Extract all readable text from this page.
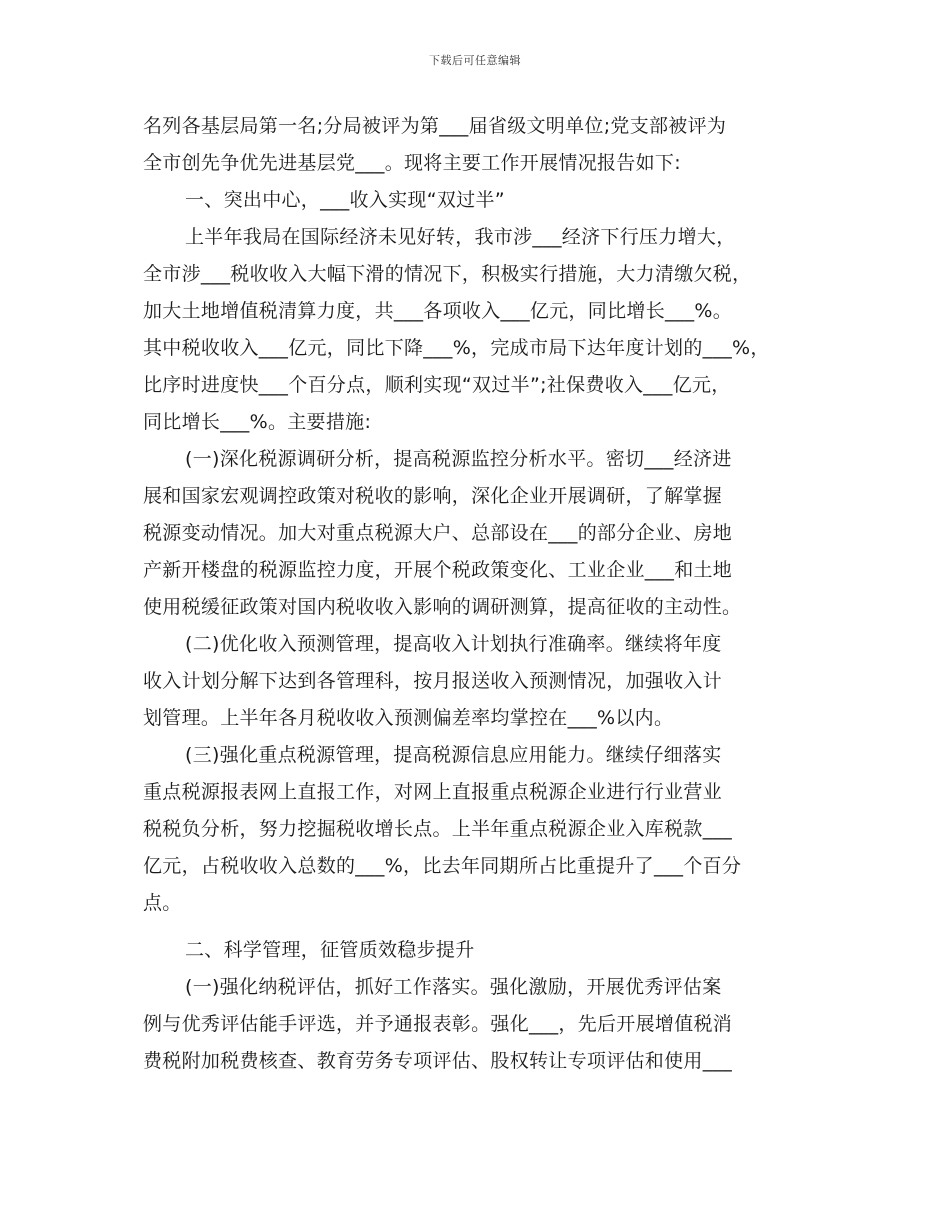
下载后可任意编辑
名列各基层局第一名;分局被评为第___届省级文明单位;党支部被评为
全市创先争优先进基层党___。现将主要工作开展情况报告如下:
一、突出中心，___收入实现“双过半”
上半年我局在国际经济未见好转，我市涉___经济下行压力增大，
全市涉___税收收入大幅下滑的情况下，积极实行措施，大力清缴欠税，
加大土地增值税清算力度，共___各项收入___亿元，同比增长___%。
其中税收收入___亿元，同比下降___%，完成市局下达年度计划的___%，
比序时进度快___个百分点，顺利实现“双过半”;社保费收入___亿元，
同比增长___%。主要措施:
(一)深化税源调研分析，提高税源监控分析水平。密切___经济进
展和国家宏观调控政策对税收的影响，深化企业开展调研，了解掌握
税源变动情况。加大对重点税源大户、总部设在___的部分企业、房地
产新开楼盘的税源监控力度，开展个税政策变化、工业企业___和土地
使用税缓征政策对国内税收收入影响的调研测算，提高征收的主动性。
(二)优化收入预测管理，提高收入计划执行准确率。继续将年度
收入计划分解下达到各管理科，按月报送收入预测情况，加强收入计
划管理。上半年各月税收收入预测偏差率均掌控在___%以内。
(三)强化重点税源管理，提高税源信息应用能力。继续仔细落实
重点税源报表网上直报工作，对网上直报重点税源企业进行行业营业
税税负分析，努力挖掘税收增长点。上半年重点税源企业入库税款___
亿元，占税收收入总数的___%，比去年同期所占比重提升了___个百分
点。
二、科学管理，征管质效稳步提升
(一)强化纳税评估，抓好工作落实。强化激励，开展优秀评估案
例与优秀评估能手评选，并予通报表彰。强化___，先后开展增值税消
费税附加税费核查、教育劳务专项评估、股权转让专项评估和使用___
